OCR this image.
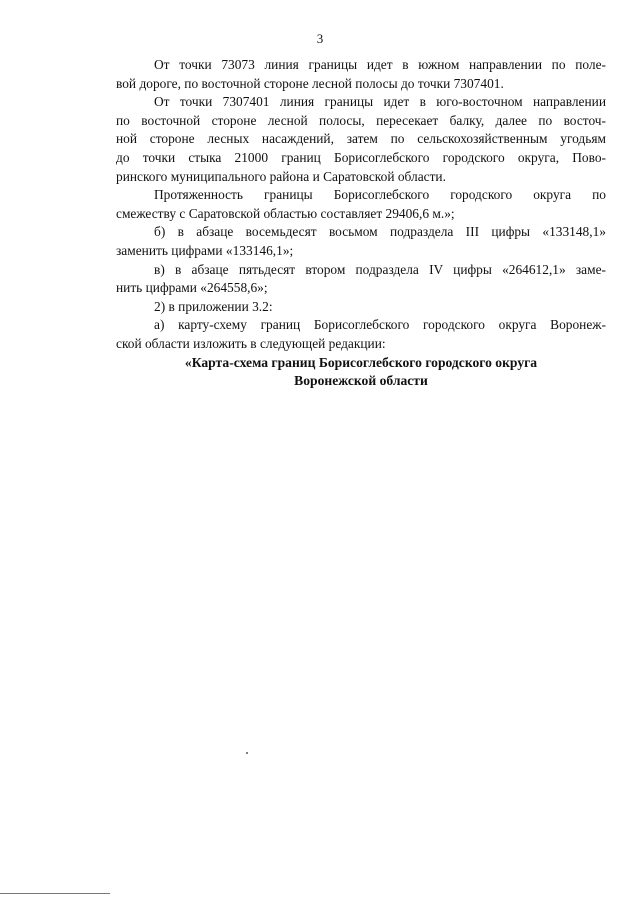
3

От точки 73073 линия границы идет в южном направлении по поле-
вой дороге, по восточной стороне лесной полосы до точки 7307401.

От точки 7307401 линия границы идет в юго-восточном направлении
по восточной стороне лесной полосы, пересекает балку, далее по восточ-
ной стороне лесных насаждений, затем по сельскохозяйственным угодьям
до точки стыка 21000 границ Борисоглебского городского округа, Пово-
ринского муниципального района и Саратовской области.

Протяженность границы Борисоглебского городского округа по
смежеству с Саратовской областью составляет 29406,6 м.»;

б) в абзаце восемьдесят восьмом подраздела III цифры «133148,1»
заменить цифрами «133146,1»;

в) в абзаце пятьдесят втором подраздела IV цифры «264612,1» заме-
нить цифрами «264558,6»;

2) в приложении 3.2:

а) карту-схему границ Борисоглебского городского округа Воронеж-
ской области изложить в следующей редакции:

«Карта-схема границ Борисоглебского городского округа
Воронежской области
